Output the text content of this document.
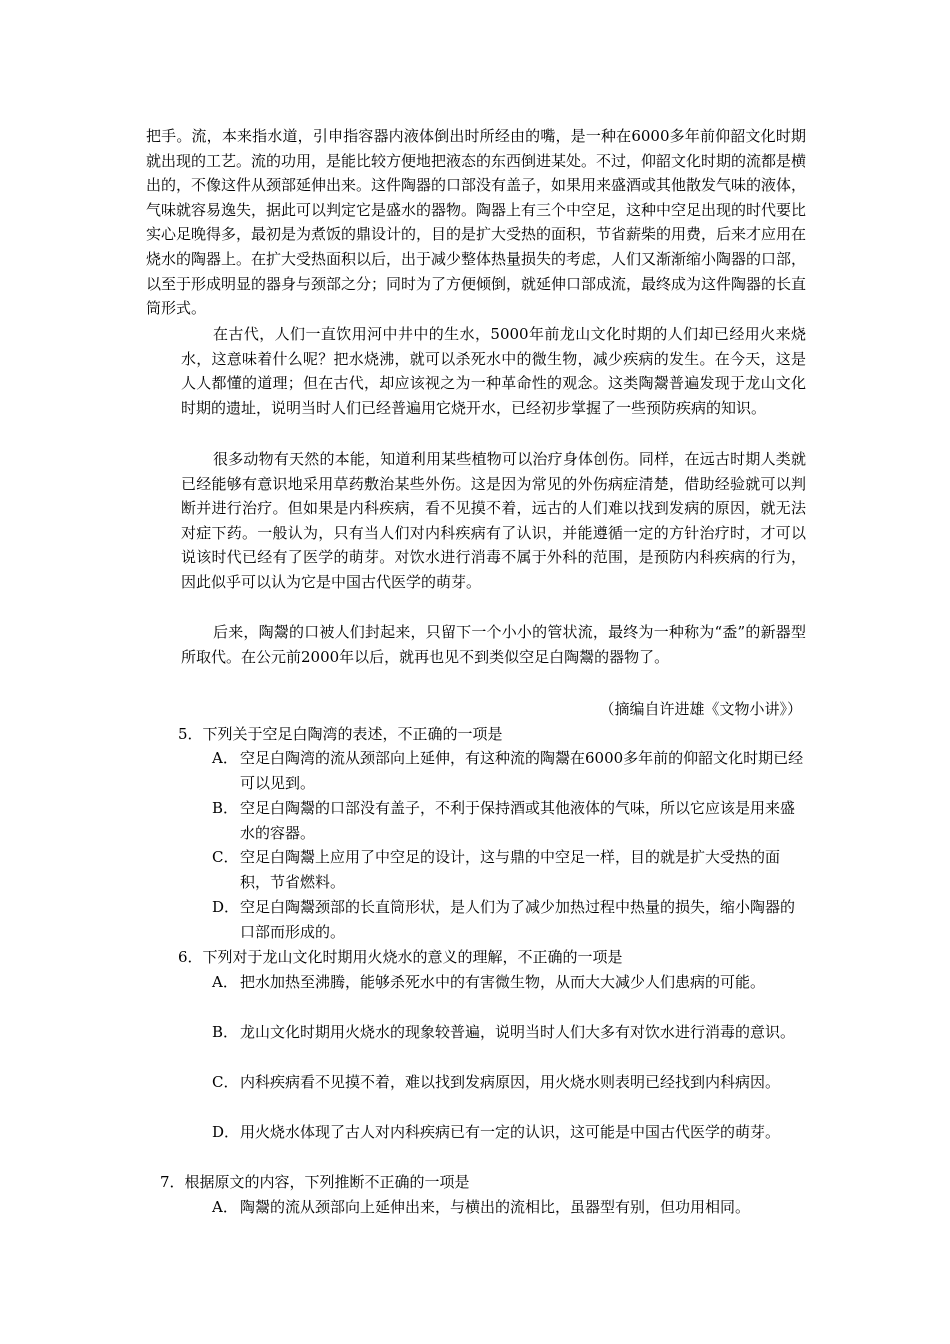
把手。流，本来指水道，引申指容器内液体倒出时所经由的嘴，是一种在6000多年前仰韶文化时期就出现的工艺。流的功用，是能比较方便地把液态的东西倒进某处。不过，仰韶文化时期的流都是横出的，不像这件从颈部延伸出来。这件陶器的口部没有盖子，如果用来盛酒或其他散发气味的液体，气味就容易逸失，据此可以判定它是盛水的器物。陶器上有三个中空足，这种中空足出现的时代要比实心足晚得多，最初是为煮饭的鼎设计的，目的是扩大受热的面积，节省薪柴的用费，后来才应用在烧水的陶器上。在扩大受热面积以后，出于减少整体热量损失的考虑，人们又渐渐缩小陶器的口部，以至于形成明显的器身与颈部之分；同时为了方便倾倒，就延伸口部成流，最终成为这件陶器的长直筒形式。
在古代，人们一直饮用河中井中的生水，5000年前龙山文化时期的人们却已经用火来烧水，这意味着什么呢？把水烧沸，就可以杀死水中的微生物，减少疾病的发生。在今天，这是人人都懂的道理；但在古代，却应该视之为一种革命性的观念。这类陶鬶普遍发现于龙山文化时期的遗址，说明当时人们已经普遍用它烧开水，已经初步掌握了一些预防疾病的知识。
很多动物有天然的本能，知道利用某些植物可以治疗身体创伤。同样，在远古时期人类就已经能够有意识地采用草药敷治某些外伤。这是因为常见的外伤病症清楚，借助经验就可以判断并进行治疗。但如果是内科疾病，看不见摸不着，远古的人们难以找到发病的原因，就无法对症下药。一般认为，只有当人们对内科疾病有了认识，并能遵循一定的方针治疗时，才可以说该时代已经有了医学的萌芽。对饮水进行消毒不属于外科的范围，是预防内科疾病的行为，因此似乎可以认为它是中国古代医学的萌芽。
后来，陶鬶的口被人们封起来，只留下一个小小的管状流，最终为一种称为“盉”的新器型所取代。在公元前2000年以后，就再也见不到类似空足白陶鬶的器物了。
（摘编自许进雄《文物小讲》）
5．下列关于空足白陶湾的表述，不正确的一项是
A． 空足白陶湾的流从颈部向上延伸，有这种流的陶鬶在6000多年前的仰韶文化时期已经可以见到。
B． 空足白陶鬶的口部没有盖子，不利于保持酒或其他液体的气味，所以它应该是用来盛水的容器。
C． 空足白陶鬶上应用了中空足的设计，这与鼎的中空足一样，目的就是扩大受热的面积，节省燃料。
D． 空足白陶鬶颈部的长直筒形状，是人们为了减少加热过程中热量的损失，缩小陶器的口部而形成的。
6．下列对于龙山文化时期用火烧水的意义的理解，不正确的一项是
A． 把水加热至沸腾，能够杀死水中的有害微生物，从而大大减少人们患病的可能。
B． 龙山文化时期用火烧水的现象较普遍，说明当时人们大多有对饮水进行消毒的意识。
C． 内科疾病看不见摸不着，难以找到发病原因，用火烧水则表明已经找到内科病因。
D． 用火烧水体现了古人对内科疾病已有一定的认识，这可能是中国古代医学的萌芽。
7．根据原文的内容，下列推断不正确的一项是
A． 陶鬶的流从颈部向上延伸出来，与横出的流相比，虽器型有别，但功用相同。
